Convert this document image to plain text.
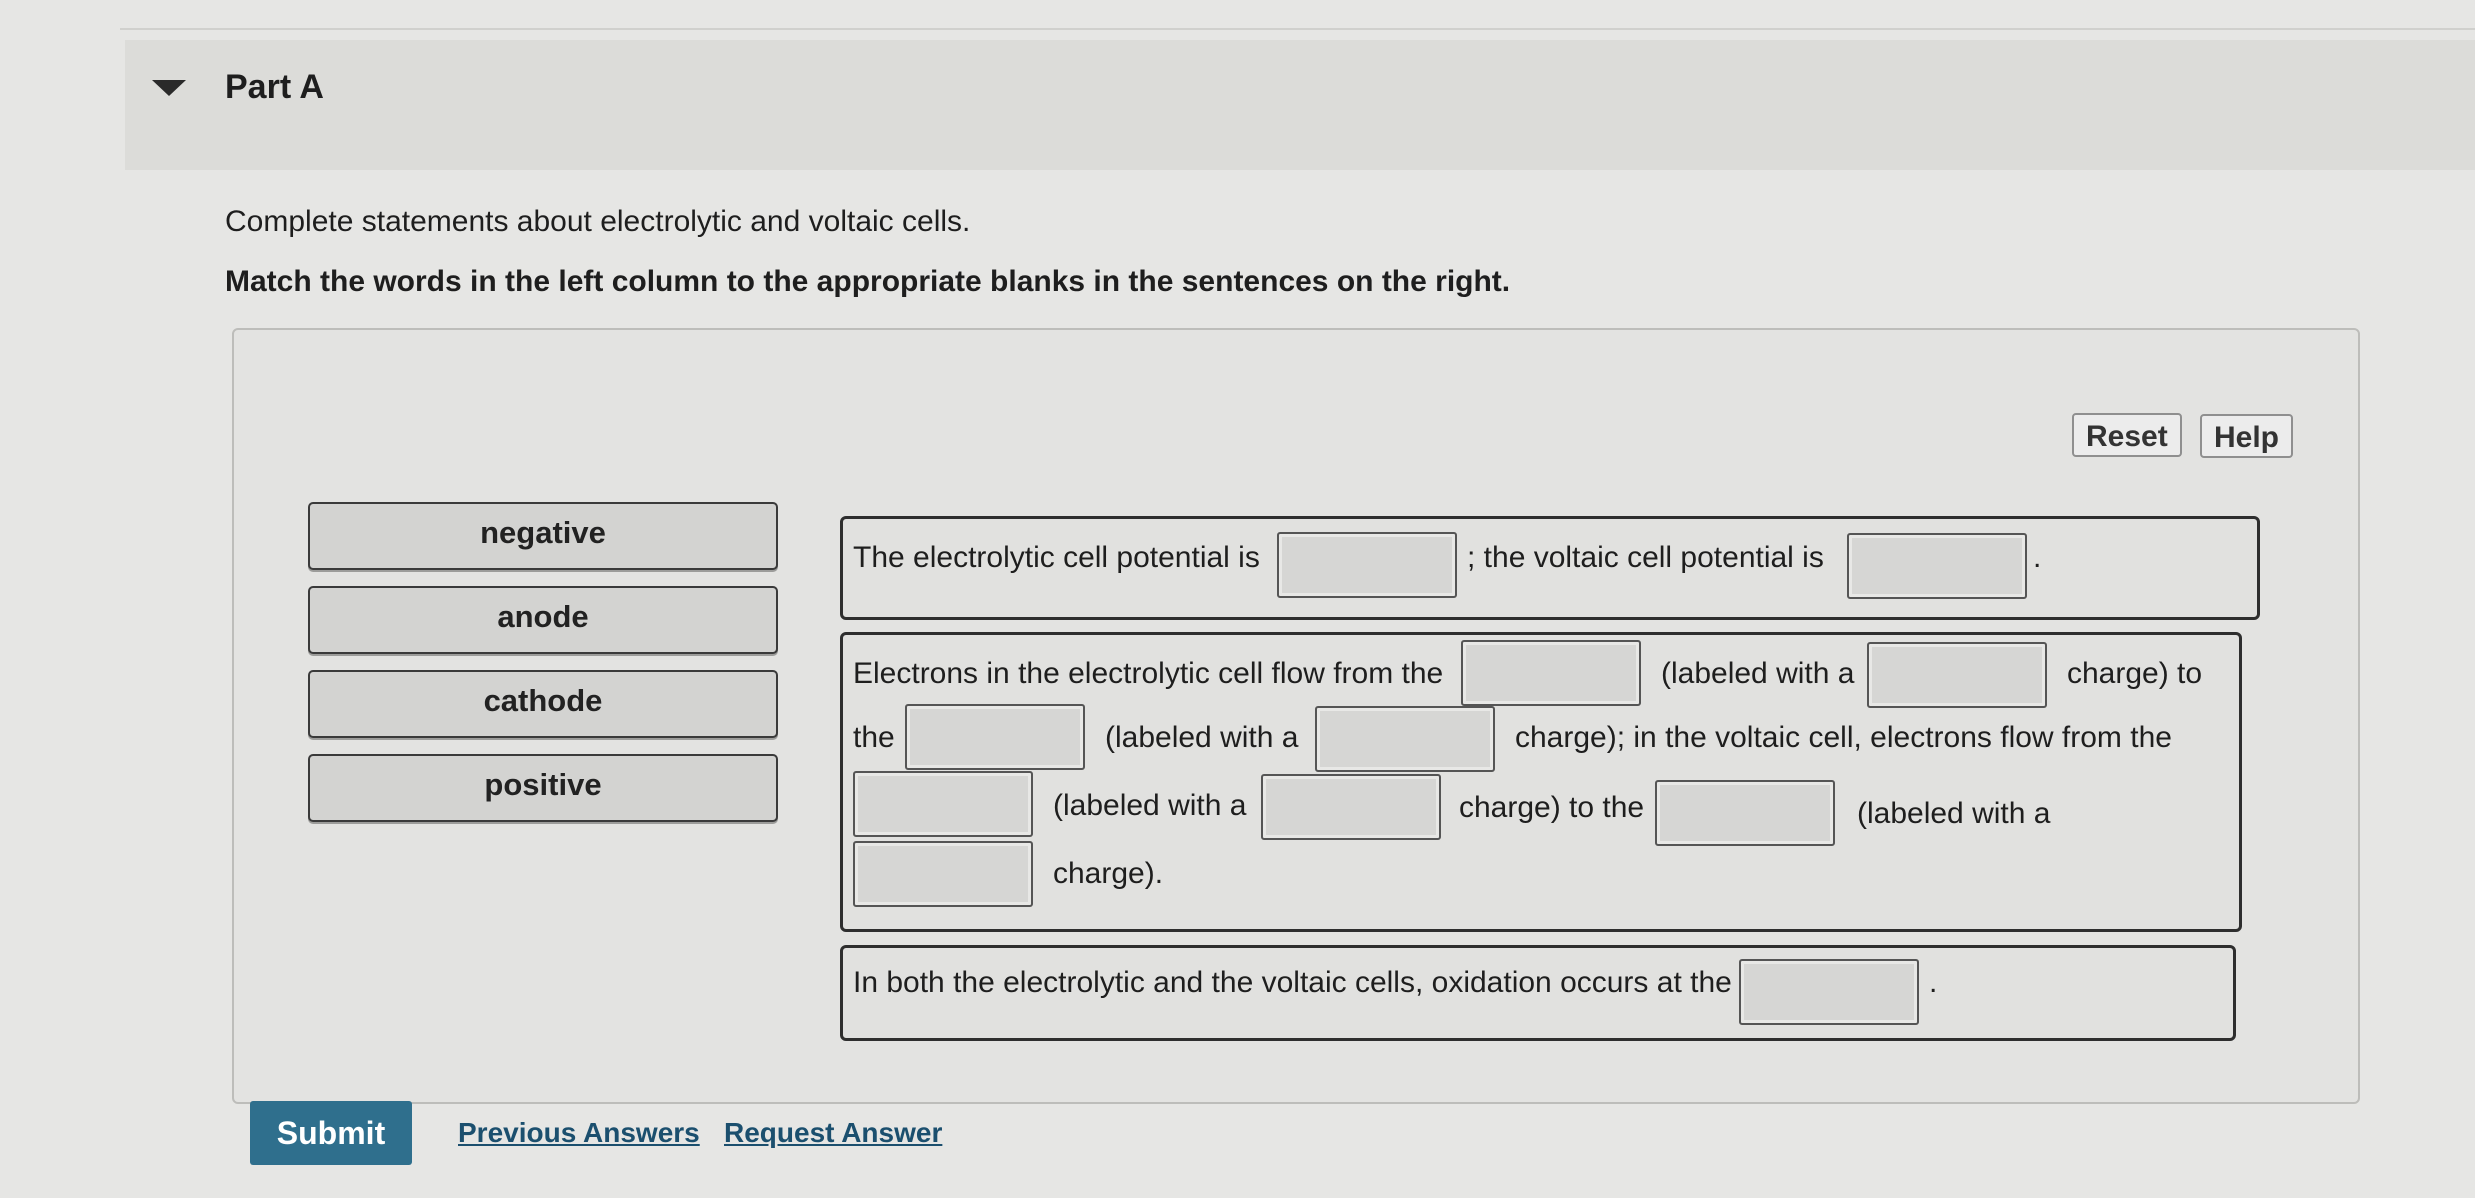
Part A
Complete statements about electrolytic and voltaic cells.
Match the words in the left column to the appropriate blanks in the sentences on the right.
Reset	Help
negative
anode
cathode
positive
The electrolytic cell potential is	; the voltaic cell potential is	.
Electrons in the electrolytic cell flow from the	(labeled with a	charge) to
the	(labeled with a	charge); in the voltaic cell, electrons flow from the
(labeled with a	charge) to the	(labeled with a
charge).
In both the electrolytic and the voltaic cells, oxidation occurs at the	.
Submit	Previous Answers Request Answer
